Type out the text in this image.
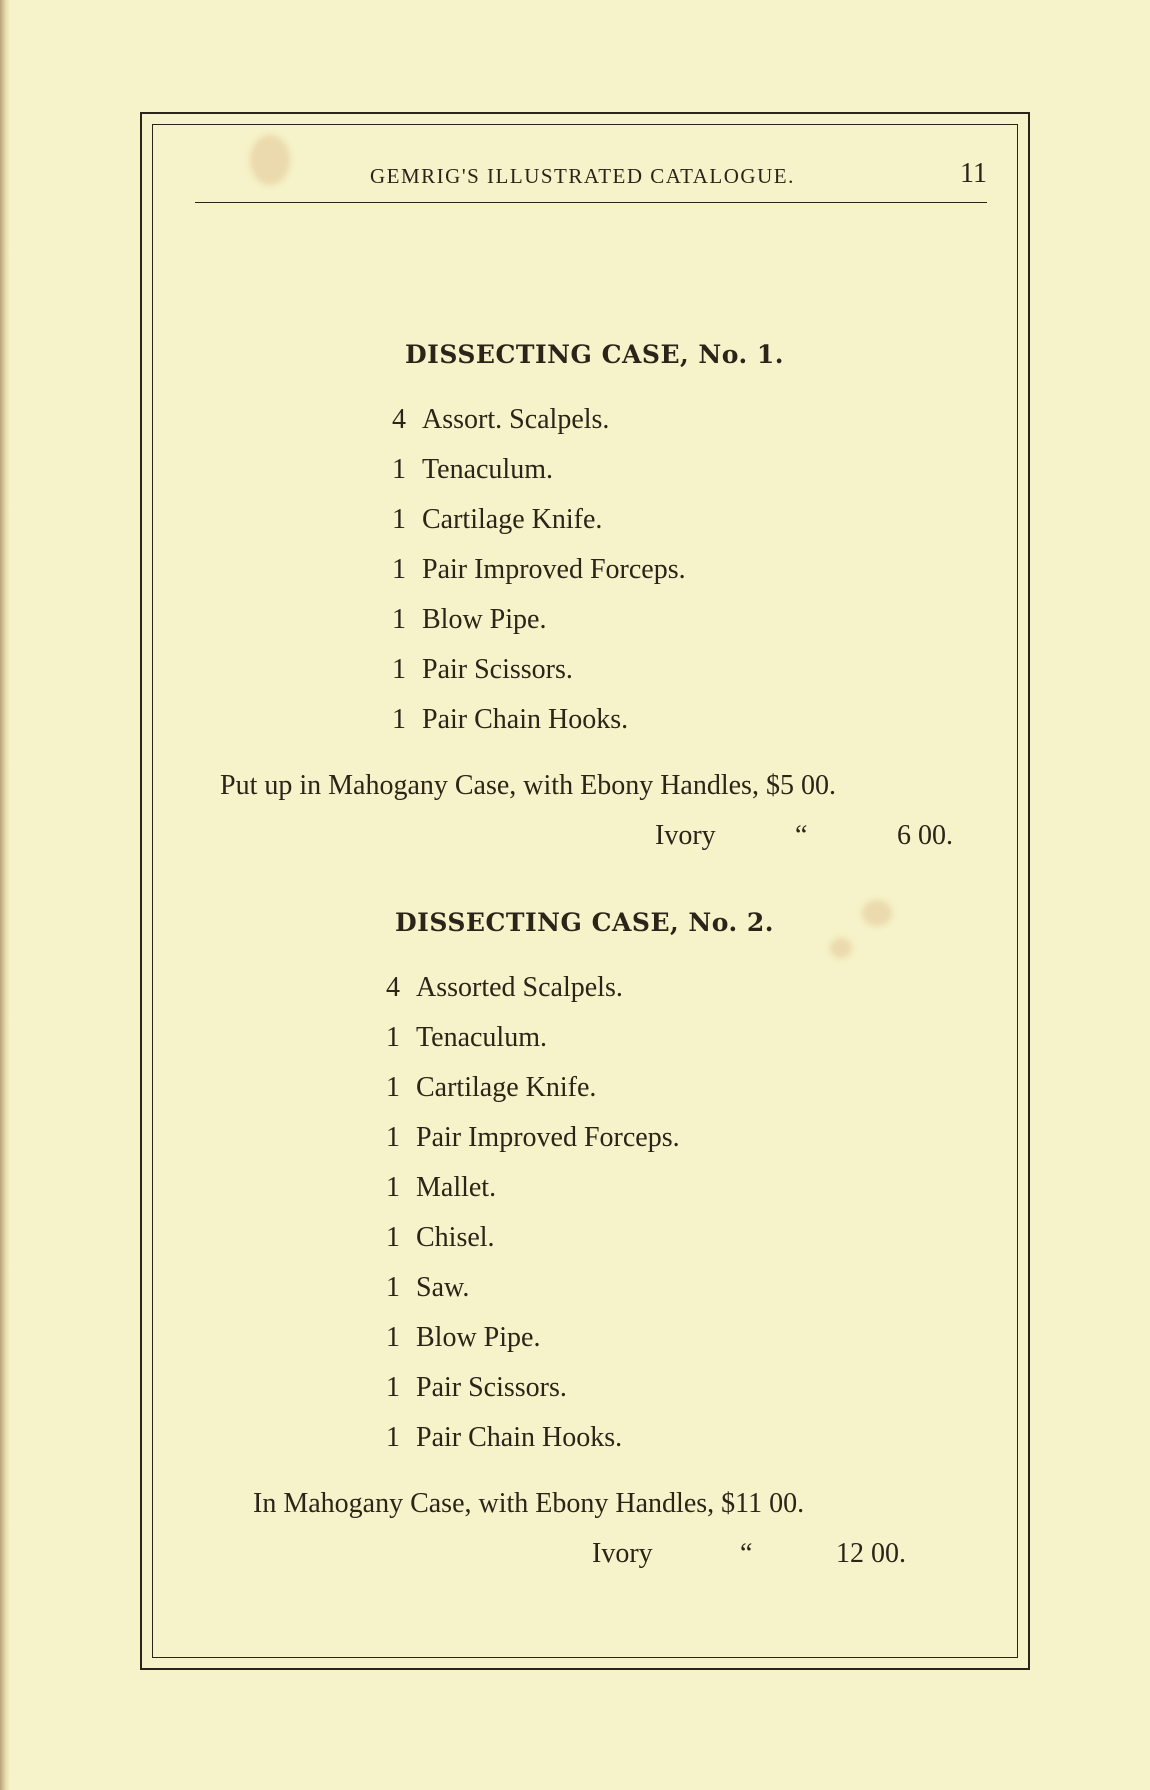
GEMRIG'S ILLUSTRATED CATALOGUE.	11
DISSECTING CASE, No. 1.
4 Assort. Scalpels.
1 Tenaculum.
1 Cartilage Knife.
1 Pair Improved Forceps.
1 Blow Pipe.
1 Pair Scissors.
1 Pair Chain Hooks.
Put up in Mahogany Case, with Ebony Handles, $5 00.
Ivory	“	6 00.
DISSECTING CASE, No. 2.
4 Assorted Scalpels.
1 Tenaculum.
1 Cartilage Knife.
1 Pair Improved Forceps.
1 Mallet.
1 Chisel.
1 Saw.
1 Blow Pipe.
1 Pair Scissors.
1 Pair Chain Hooks.
In Mahogany Case, with Ebony Handles, $11 00.
Ivory	“	12 00.
